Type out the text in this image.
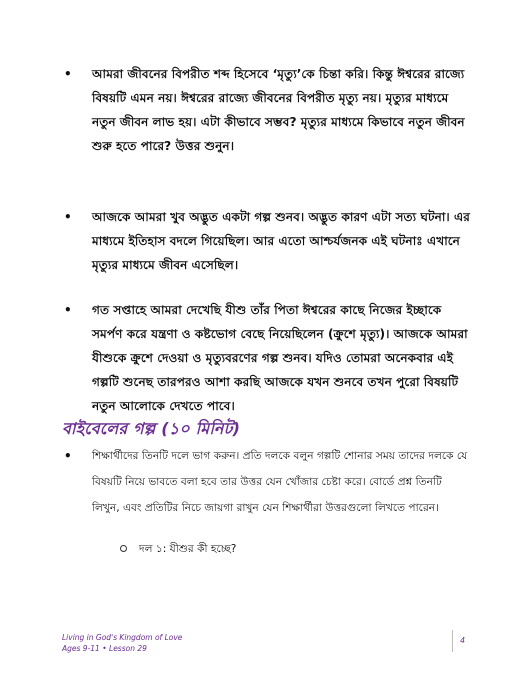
• আমরা জীবনের বিপরীত শব্দ হিসেবে ‘মৃত্যু’কে চিন্তা করি। কিন্তু ঈশ্বরের রাজ্যে বিষয়টি এমন নয়। ঈশ্বরের রাজ্যে জীবনের বিপরীত মৃত্যু নয়। মৃত্যুর মাধ্যমে নতুন জীবন লাভ হয়। এটা কীভাবে সম্ভব? মৃত্যুর মাধ্যমে কিভাবে নতুন জীবন শুরু হতে পারে? উত্তর শুনুন।
• আজকে আমরা খুব অদ্ভুত একটা গল্প শুনব। অদ্ভুত কারণ এটা সত্য ঘটনা। এর মাধ্যমে ইতিহাস বদলে গিয়েছিল। আর এতো আশ্চর্যজনক এই ঘটনাঃ এখানে মৃত্যুর মাধ্যমে জীবন এসেছিল।
• গত সপ্তাহে আমরা দেখেছি যীশু তাঁর পিতা ঈশ্বরের কাছে নিজের ইচ্ছাকে সমর্পণ করে যন্ত্রণা ও কষ্টভোগ বেছে নিয়েছিলেন (ক্রুশে মৃত্যু)। আজকে আমরা যীশুকে ক্রুশে দেওয়া ও মৃত্যুবরণের গল্প শুনব। যদিও তোমরা অনেকবার এই গল্পটি শুনেছ তারপরও আশা করছি আজকে যখন শুনবে তখন পুরো বিষয়টি নতুন আলোকে দেখতে পাবে।
বাইবেলের গল্প (১০ মিনিট)
• শিক্ষার্থীদের তিনটি দলে ভাগ করুন। প্রতি দলকে বলুন গল্পটি শোনার সময় তাদের দলকে যে বিষয়টি নিয়ে ভাবতে বলা হবে তার উত্তর যেন খোঁজার চেষ্টা করে। বোর্ডে প্রশ্ন তিনটি লিখুন, এবং প্রতিটির নিচে জায়গা রাখুন যেন শিক্ষার্থীরা উত্তরগুলো লিখতে পারেন।
দল ১: যীশুর কী হচ্ছে?
Living in God's Kingdom of Love
Ages 9-11 • Lesson 29
4
